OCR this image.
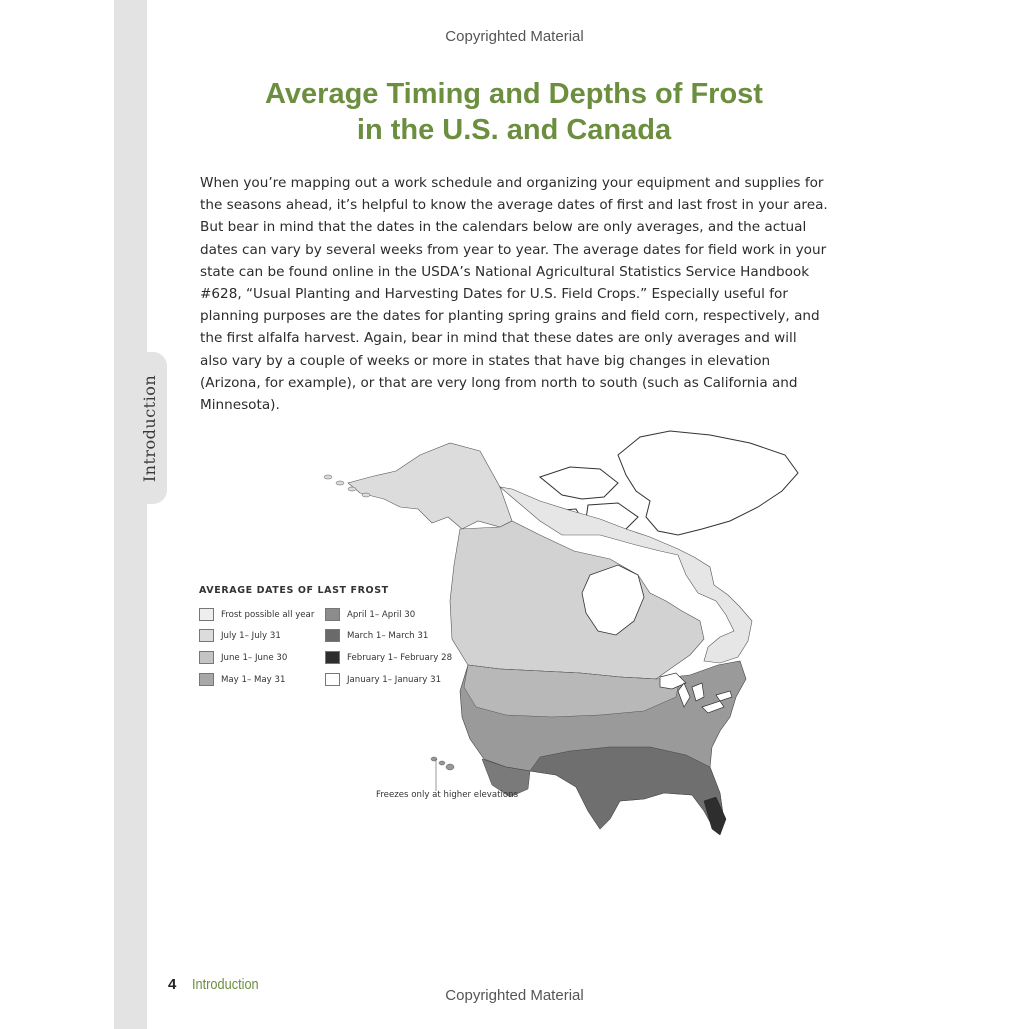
Introduction
Copyrighted Material
Average Timing and Depths of Frost
in the U.S. and Canada
When you’re mapping out a work schedule and organizing your equipment and supplies for the seasons ahead, it’s helpful to know the average dates of first and last frost in your area. But bear in mind that the dates in the calendars below are only averages, and the actual dates can vary by several weeks from year to year. The average dates for field work in your state can be found online in the USDA’s National Agricultural Statistics Service Handbook #628, “Usual Planting and Harvesting Dates for U.S. Field Crops.” Especially useful for planning purposes are the dates for planting spring grains and field corn, respectively, and the first alfalfa harvest. Again, bear in mind that these dates are only averages and will also vary by a couple of weeks or more in states that have big changes in elevation (Arizona, for example), or that are very long from north to south (such as California and Minnesota).
AVERAGE DATES OF LAST FROST
Frost possible all year
July 1– July 31
June 1– June 30
May 1– May 31
April 1– April 30
March 1– March 31
February 1– February 28
January 1– January 31
Freezes only at higher elevations
4 Introduction
Copyrighted Material
